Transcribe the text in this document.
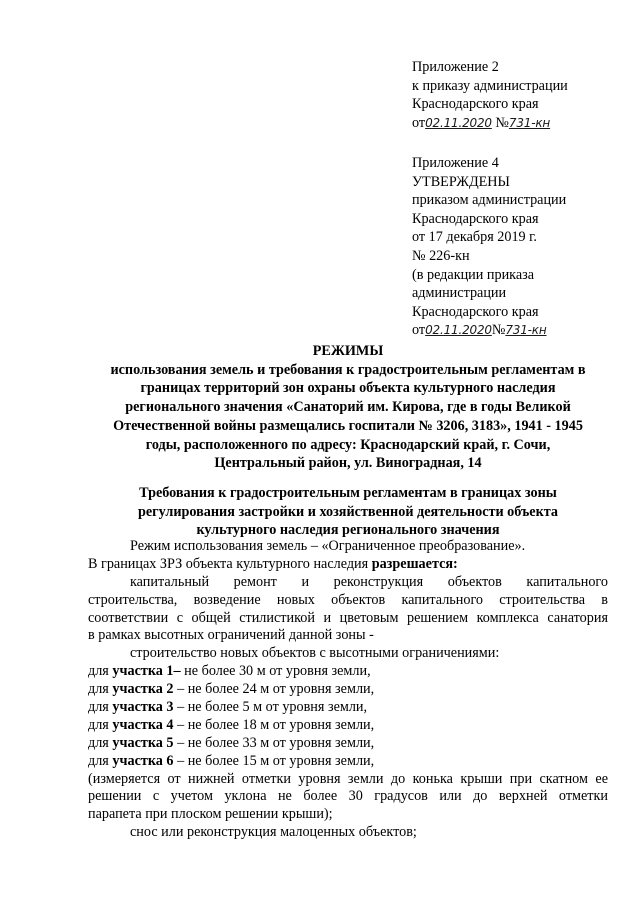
Приложение 2
к приказу администрации
Краснодарского края
от02.11.2020 №731-кн
Приложение 4
УТВЕРЖДЕНЫ
приказом администрации
Краснодарского края
от 17 декабря 2019 г.
№ 226-кн
(в редакции приказа
администрации
Краснодарского края
от02.11.2020№731-кн
РЕЖИМЫ
использования земель и требования к градостроительным регламентам в
границах территорий зон охраны объекта культурного наследия
регионального значения «Санаторий им. Кирова, где в годы Великой
Отечественной войны размещались госпитали № 3206, 3183», 1941 - 1945
годы, расположенного по адресу: Краснодарский край, г. Сочи,
Центральный район, ул. Виноградная, 14
Требования к градостроительным регламентам в границах зоны
регулирования застройки и хозяйственной деятельности объекта
культурного наследия регионального значения
Режим использования земель – «Ограниченное преобразование».
В границах ЗРЗ объекта культурного наследия разрешается:
капитальный ремонт и реконструкция объектов капитального
строительства, возведение новых объектов капитального строительства в
соответствии с общей стилистикой и цветовым решением комплекса санатория
в рамках высотных ограничений данной зоны -
строительство новых объектов с высотными ограничениями:
для участка 1– не более 30 м от уровня земли,
для участка 2 – не более 24 м от уровня земли,
для участка 3 – не более 5 м от уровня земли,
для участка 4 – не более 18 м от уровня земли,
для участка 5 – не более 33 м от уровня земли,
для участка 6 – не более 15 м от уровня земли,
(измеряется от нижней отметки уровня земли до конька крыши при скатном ее
решении с учетом уклона не более 30 градусов или до верхней отметки
парапета при плоском решении крыши);
снос или реконструкция малоценных объектов;
